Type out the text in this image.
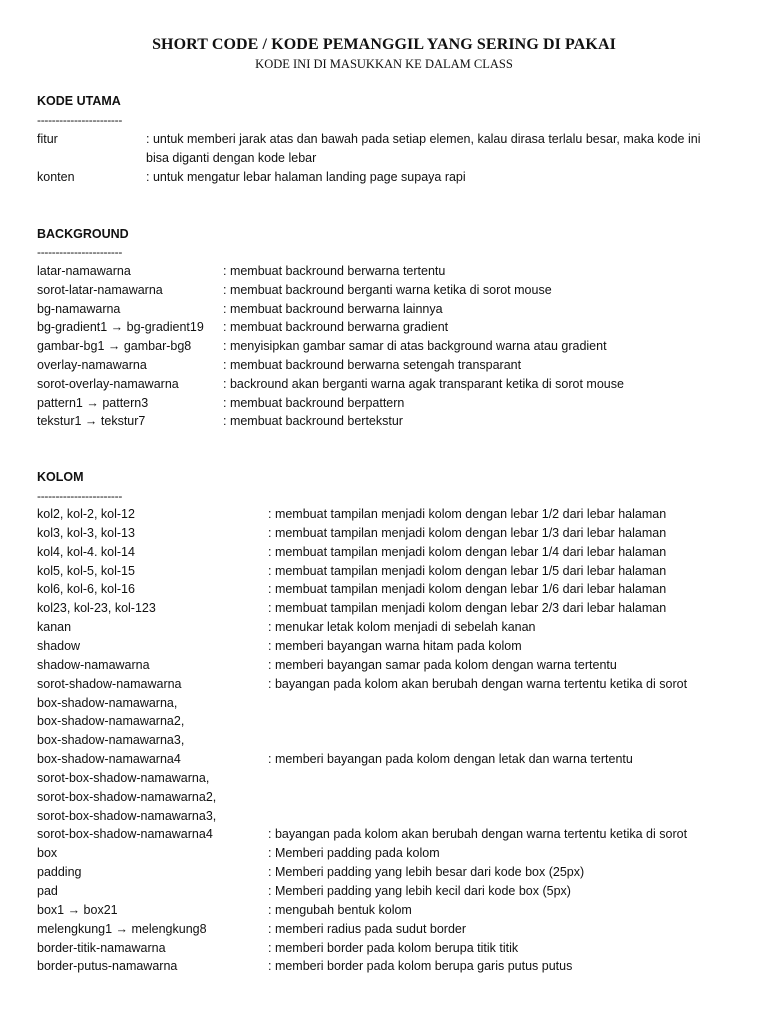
SHORT CODE / KODE PEMANGGIL YANG SERING DI PAKAI
KODE INI DI MASUKKAN KE DALAM CLASS
KODE UTAMA
-----------------------
fitur	: untuk memberi jarak atas dan bawah pada setiap elemen, kalau dirasa terlalu besar, maka kode ini
bisa diganti dengan kode lebar
konten	: untuk mengatur lebar halaman landing page supaya rapi
BACKGROUND
-----------------------
latar-namawarna	: membuat backround berwarna tertentu
sorot-latar-namawarna	: membuat backround berganti warna ketika di sorot mouse
bg-namawarna	: membuat backround berwarna lainnya
bg-gradient1 → bg-gradient19 : membuat backround berwarna gradient
gambar-bg1 → gambar-bg8	: menyisipkan gambar samar di atas background warna atau gradient
overlay-namawarna	: membuat backround berwarna setengah transparant
sorot-overlay-namawarna	: backround akan berganti warna agak transparant ketika di sorot mouse
pattern1 → pattern3	: membuat backround berpattern
tekstur1 → tekstur7	: membuat backround bertekstur
KOLOM
-----------------------
kol2, kol-2, kol-12	: membuat tampilan menjadi kolom dengan lebar 1/2 dari lebar halaman
kol3, kol-3, kol-13	: membuat tampilan menjadi kolom dengan lebar 1/3 dari lebar halaman
kol4, kol-4. kol-14	: membuat tampilan menjadi kolom dengan lebar 1/4 dari lebar halaman
kol5, kol-5, kol-15	: membuat tampilan menjadi kolom dengan lebar 1/5 dari lebar halaman
kol6, kol-6, kol-16	: membuat tampilan menjadi kolom dengan lebar 1/6 dari lebar halaman
kol23, kol-23, kol-123	: membuat tampilan menjadi kolom dengan lebar 2/3 dari lebar halaman
kanan	: menukar letak kolom menjadi di sebelah kanan
shadow	: memberi bayangan warna hitam pada kolom
shadow-namawarna	: memberi bayangan samar pada kolom dengan warna tertentu
sorot-shadow-namawarna	: bayangan pada kolom akan berubah dengan warna tertentu ketika di sorot
box-shadow-namawarna,
box-shadow-namawarna2,
box-shadow-namawarna3,
box-shadow-namawarna4	: memberi bayangan pada kolom dengan letak dan warna tertentu
sorot-box-shadow-namawarna,
sorot-box-shadow-namawarna2,
sorot-box-shadow-namawarna3,
sorot-box-shadow-namawarna4	: bayangan pada kolom akan berubah dengan warna tertentu ketika di sorot
box	: Memberi padding pada kolom
padding	: Memberi padding yang lebih besar dari kode box (25px)
pad	: Memberi padding yang lebih kecil dari kode box (5px)
box1 → box21	: mengubah bentuk kolom
melengkung1 → melengkung8	: memberi radius pada sudut border
border-titik-namawarna	: memberi border pada kolom berupa titik titik
border-putus-namawarna	: memberi border pada kolom berupa garis putus putus
